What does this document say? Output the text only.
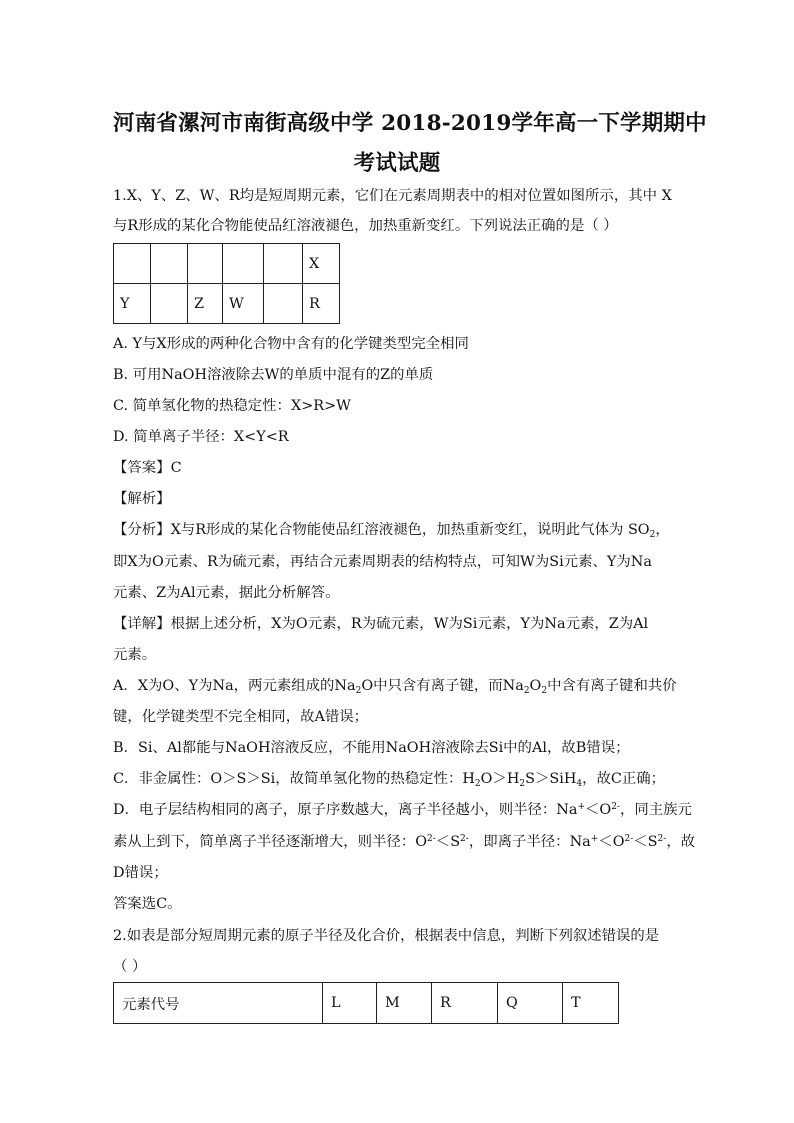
河南省漯河市南街高级中学 2018-2019学年高一下学期期中
考试试题
1.X、Y、Z、W、R均是短周期元素，它们在元素周期表中的相对位置如图所示，其中 X
与R形成的某化合物能使品红溶液褪色，加热重新变红。下列说法正确的是（ ）
					X
Y		Z	W		R
A. Y与X形成的两种化合物中含有的化学键类型完全相同
B. 可用NaOH溶液除去W的单质中混有的Z的单质
C. 简单氢化物的热稳定性：X>R>W
D. 简单离子半径：X<Y<R
【答案】C
【解析】
【分析】X与R形成的某化合物能使品红溶液褪色，加热重新变红，说明此气体为 $SO_2$，
即X为O元素、R为硫元素，再结合元素周期表的结构特点，可知W为Si元素、Y为Na
元素、Z为Al元素，据此分析解答。
【详解】根据上述分析，X为O元素，R为硫元素，W为Si元素，Y为Na元素，Z为Al
元素。
A．X为O、Y为Na，两元素组成的$Na_2O$中只含有离子键，而$Na_2O_2$中含有离子键和共价
键，化学键类型不完全相同，故A错误；
B．Si、Al都能与NaOH溶液反应，不能用NaOH溶液除去Si中的Al，故B错误；
C．非金属性：O＞S＞Si，故简单氢化物的热稳定性：$H_2O>H_2S>SiH_4$，故C正确；
D．电子层结构相同的离子，原子序数越大，离子半径越小，则半径：$Na^+<O^{2-}$，同主族元
素从上到下，简单离子半径逐渐增大，则半径：$O^{2-}<S^{2-}$，即离子半径：$Na^+<O^{2-}<S^{2-}$，故
D错误；
答案选C。
2.如表是部分短周期元素的原子半径及化合价，根据表中信息，判断下列叙述错误的是
（ ）
元素代号	L	M	R	Q	T
